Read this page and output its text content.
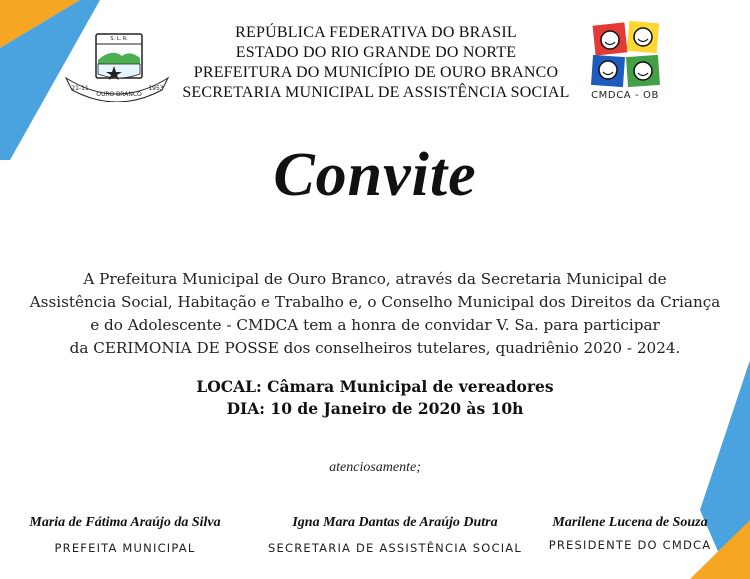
S. L. R.
21-11
OURO BRANCO
1953
REPÚBLICA FEDERATIVA DO BRASIL
ESTADO DO RIO GRANDE DO NORTE
PREFEITURA DO MUNICÍPIO DE OURO BRANCO
SECRETARIA MUNICIPAL DE ASSISTÊNCIA SOCIAL	CMDCA - OB
Convite
A Prefeitura Municipal de Ouro Branco, através da Secretaria Municipal de
Assistência Social, Habitação e Trabalho e, o Conselho Municipal dos Direitos da Criança
e do Adolescente - CMDCA tem a honra de convidar V. Sa. para participar
da CERIMONIA DE POSSE dos conselheiros tutelares, quadriênio 2020 - 2024.
LOCAL: Câmara Municipal de vereadores
DIA: 10 de Janeiro de 2020 às 10h
atenciosamente;
Maria de Fátima Araújo da Silva
PREFEITA MUNICIPAL
Igna Mara Dantas de Araújo Dutra
SECRETARIA DE ASSISTÊNCIA SOCIAL
Marilene Lucena de Souza
PRESIDENTE DO CMDCA
